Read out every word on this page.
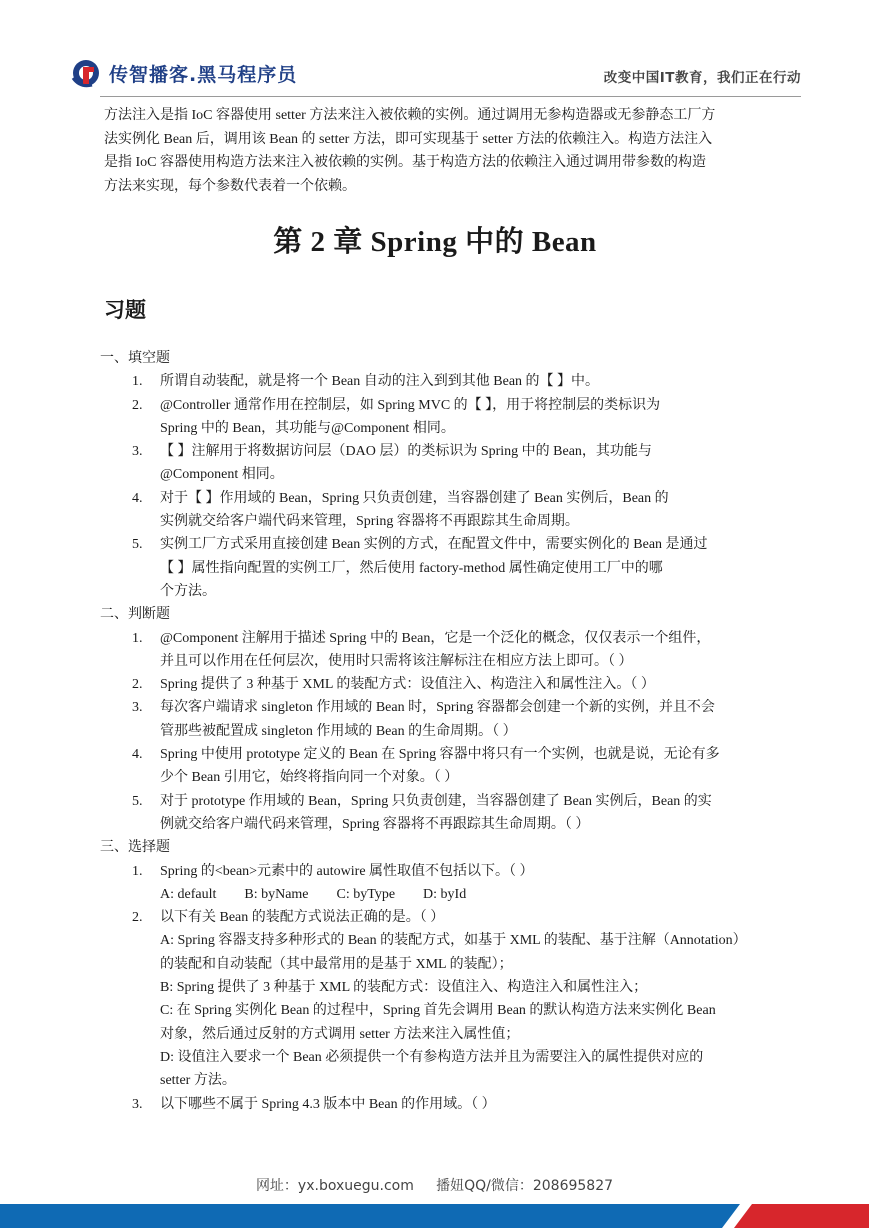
传智播客.黑马程序员	改变中国IT教育，我们正在行动

方法注入是指 IoC 容器使用 setter 方法来注入被依赖的实例。通过调用无参构造器或无参静态工厂方
法实例化 Bean 后，调用该 Bean 的 setter 方法，即可实现基于 setter 方法的依赖注入。构造方法注入
是指 IoC 容器使用构造方法来注入被依赖的实例。基于构造方法的依赖注入通过调用带参数的构造
方法来实现，每个参数代表着一个依赖。

第 2 章 Spring 中的 Bean
习题
一、填空题
1.	所谓自动装配，就是将一个 Bean 自动的注入到到其他 Bean 的【 】中。
2.	@Controller 通常作用在控制层，如 Spring MVC 的【 】，用于将控制层的类标识为
Spring 中的 Bean，其功能与@Component 相同。
3.	【 】注解用于将数据访问层（DAO 层）的类标识为 Spring 中的 Bean，其功能与
@Component 相同。
4.	对于【 】作用域的 Bean，Spring 只负责创建，当容器创建了 Bean 实例后，Bean 的
实例就交给客户端代码来管理，Spring 容器将不再跟踪其生命周期。
5.	实例工厂方式采用直接创建 Bean 实例的方式，在配置文件中，需要实例化的 Bean 是通过
【 】属性指向配置的实例工厂，然后使用 factory-method 属性确定使用工厂中的哪
个方法。
二、判断题
1.	@Component 注解用于描述 Spring 中的 Bean，它是一个泛化的概念，仅仅表示一个组件，
并且可以作用在任何层次，使用时只需将该注解标注在相应方法上即可。（ ）
2.	Spring 提供了 3 种基于 XML 的装配方式：设值注入、构造注入和属性注入。（ ）
3.	每次客户端请求 singleton 作用域的 Bean 时，Spring 容器都会创建一个新的实例，并且不会
管那些被配置成 singleton 作用域的 Bean 的生命周期。（ ）
4.	Spring 中使用 prototype 定义的 Bean 在 Spring 容器中将只有一个实例，也就是说，无论有多
少个 Bean 引用它，始终将指向同一个对象。（ ）
5.	对于 prototype 作用域的 Bean，Spring 只负责创建，当容器创建了 Bean 实例后，Bean 的实
例就交给客户端代码来管理，Spring 容器将不再跟踪其生命周期。（ ）
三、选择题
1.	Spring 的<bean>元素中的 autowire 属性取值不包括以下。（ ）
A: default        B: byName        C: byType        D: byId
2.	以下有关 Bean 的装配方式说法正确的是。（ ）
A: Spring 容器支持多种形式的 Bean 的装配方式，如基于 XML 的装配、基于注解（Annotation）
的装配和自动装配（其中最常用的是基于 XML 的装配）；
B: Spring 提供了 3 种基于 XML 的装配方式：设值注入、构造注入和属性注入；
C: 在 Spring 实例化 Bean 的过程中，Spring 首先会调用 Bean 的默认构造方法来实例化 Bean
对象，然后通过反射的方式调用 setter 方法来注入属性值；
D: 设值注入要求一个 Bean 必须提供一个有参构造方法并且为需要注入的属性提供对应的
setter 方法。
3.	以下哪些不属于 Spring 4.3 版本中 Bean 的作用域。（ ）
网址：yx.boxuegu.com     播妞QQ/微信：208695827
